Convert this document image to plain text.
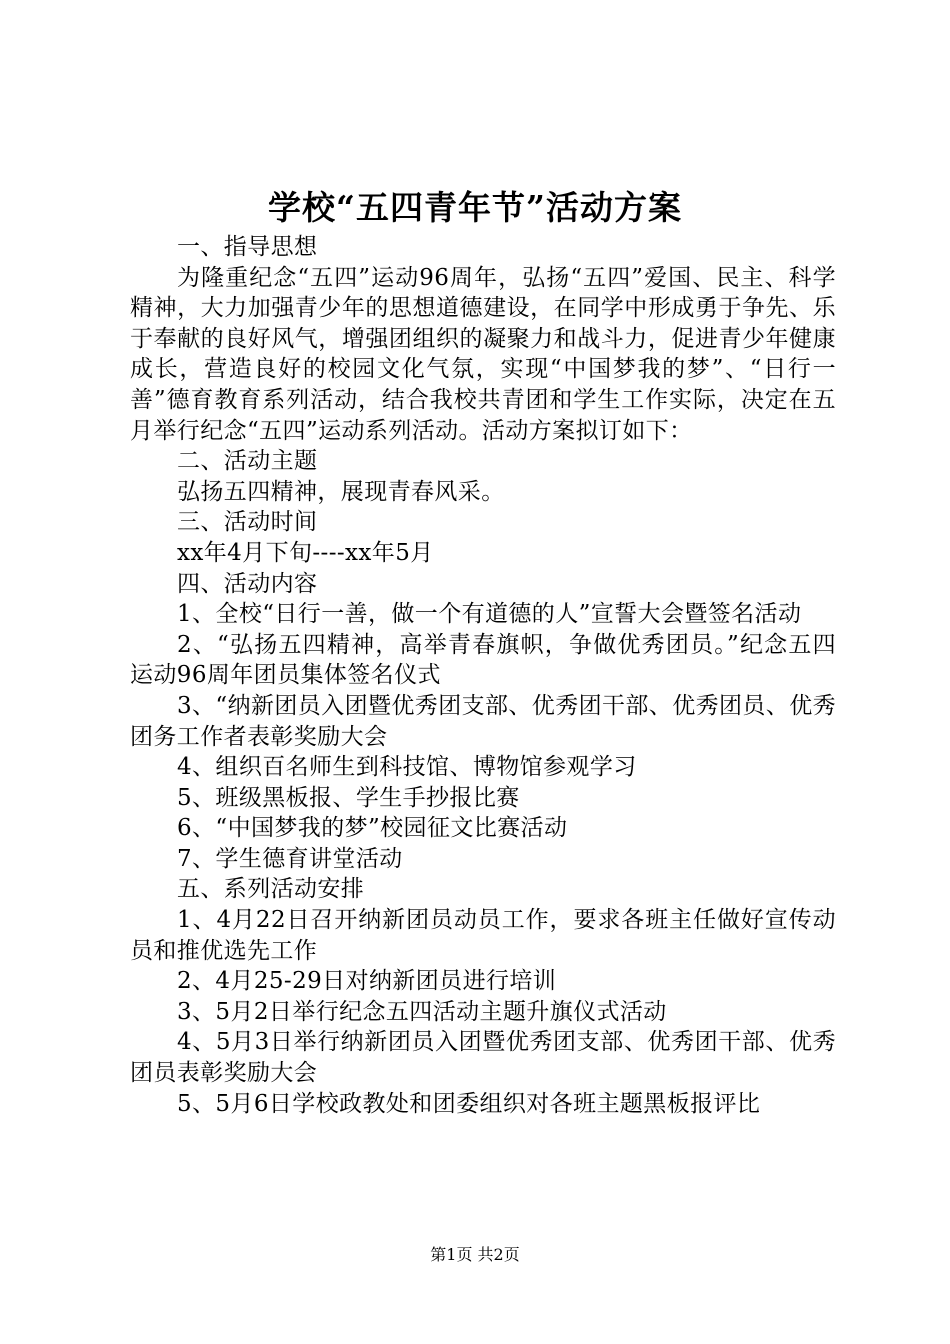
学校“五四青年节”活动方案

一、指导思想

为隆重纪念“五四”运动96周年，弘扬“五四”爱国、民主、科学精神，大力加强青少年的思想道德建设，在同学中形成勇于争先、乐于奉献的良好风气，增强团组织的凝聚力和战斗力，促进青少年健康成长，营造良好的校园文化气氛，实现“中国梦我的梦”、“日行一善”德育教育系列活动，结合我校共青团和学生工作实际，决定在五月举行纪念“五四”运动系列活动。活动方案拟订如下：

二、活动主题

弘扬五四精神，展现青春风采。

三、活动时间

xx年4月下旬----xx年5月

四、活动内容

1、全校“日行一善，做一个有道德的人”宣誓大会暨签名活动

2、“弘扬五四精神，高举青春旗帜，争做优秀团员。”纪念五四运动96周年团员集体签名仪式

3、“纳新团员入团暨优秀团支部、优秀团干部、优秀团员、优秀团务工作者表彰奖励大会

4、组织百名师生到科技馆、博物馆参观学习

5、班级黑板报、学生手抄报比赛

6、“中国梦我的梦”校园征文比赛活动

7、学生德育讲堂活动

五、系列活动安排

1、4月22日召开纳新团员动员工作，要求各班主任做好宣传动员和推优选先工作

2、4月25-29日对纳新团员进行培训

3、5月2日举行纪念五四活动主题升旗仪式活动

4、5月3日举行纳新团员入团暨优秀团支部、优秀团干部、优秀团员表彰奖励大会

5、5月6日学校政教处和团委组织对各班主题黑板报评比

第1页 共2页
